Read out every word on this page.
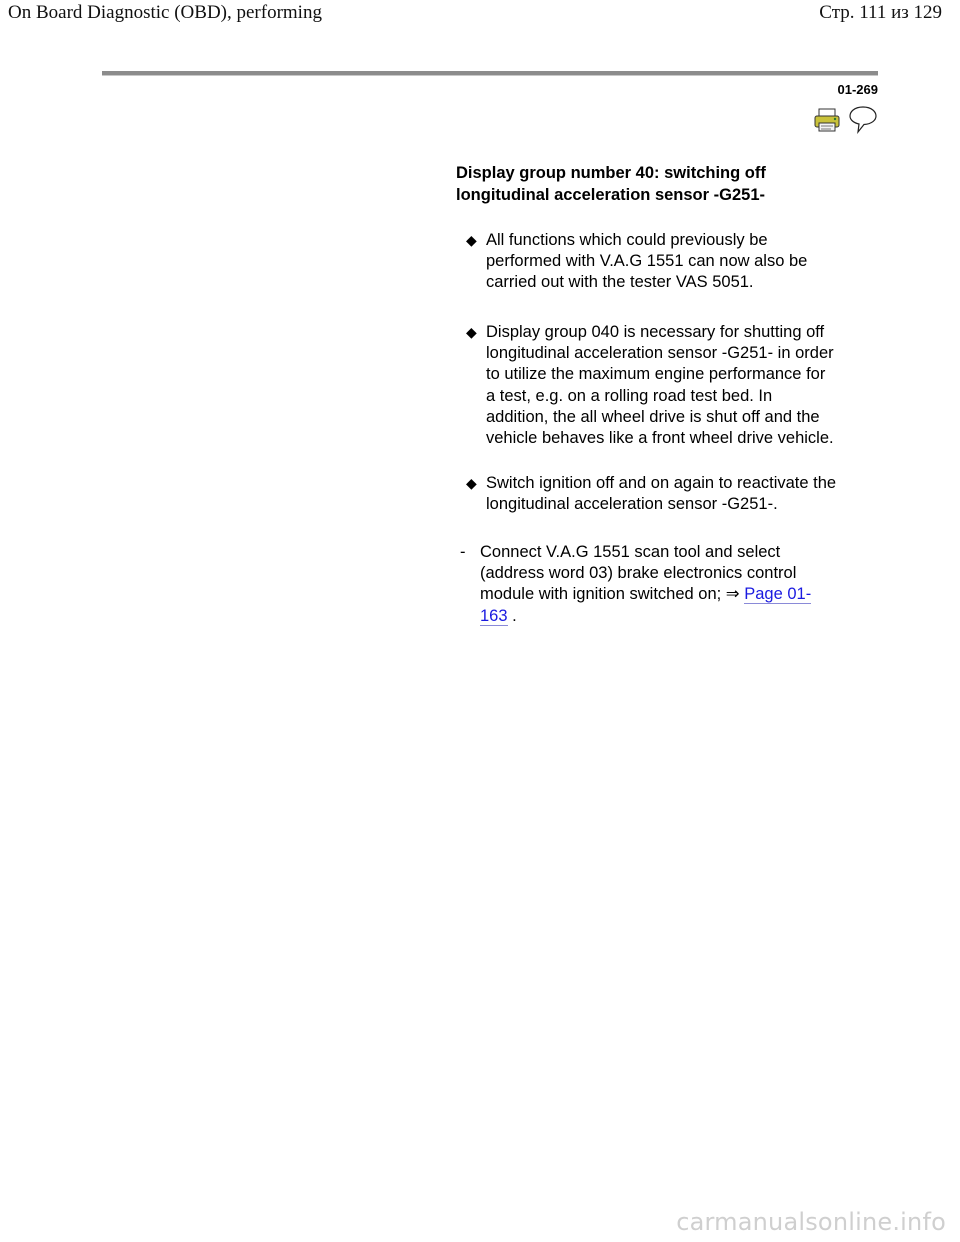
On Board Diagnostic (OBD), performing	Стр. 111 из 129
01-269
Display group number 40: switching off
longitudinal acceleration sensor -G251-
◆ All functions which could previously be
performed with V.A.G 1551 can now also be
carried out with the tester VAS 5051.
◆ Display group 040 is necessary for shutting off
longitudinal acceleration sensor -G251- in order
to utilize the maximum engine performance for
a test, e.g. on a rolling road test bed. In
addition, the all wheel drive is shut off and the
vehicle behaves like a front wheel drive vehicle.
◆ Switch ignition off and on again to reactivate the
longitudinal acceleration sensor -G251-.
- Connect V.A.G 1551 scan tool and select
(address word 03) brake electronics control
module with ignition switched on; ⇒ Page 01-
163 .
carmanualsonline.info
